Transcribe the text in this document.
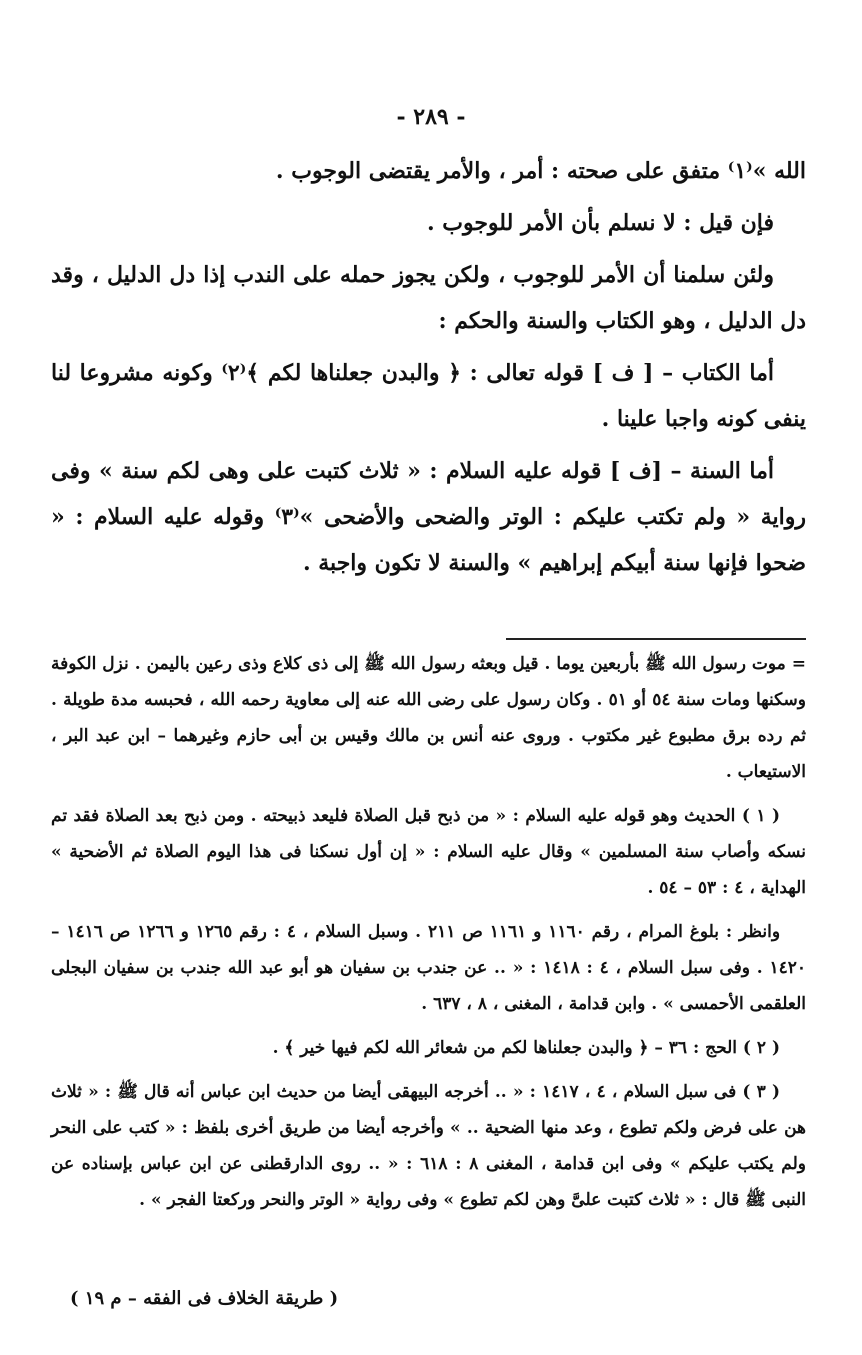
- ٢٨٩ -

الله »⁽١⁾ متفق على صحته : أمر ، والأمر يقتضى الوجوب .

فإن قيل : لا نسلم بأن الأمر للوجوب .

ولئن سلمنا أن الأمر للوجوب ، ولكن يجوز حمله على الندب إذا دل الدليل ، وقد دل الدليل ، وهو الكتاب والسنة والحكم :

أما الكتاب – [ ف ] قوله تعالى : ﴿ والبدن جعلناها لكم ﴾⁽٢⁾ وكونه مشروعا لنا ينفى كونه واجبا علينا .

أما السنة – [ف ] قوله عليه السلام : « ثلاث كتبت على وهى لكم سنة » وفى رواية « ولم تكتب عليكم : الوتر والضحى والأضحى »⁽٣⁾ وقوله عليه السلام : « ضحوا فإنها سنة أبيكم إبراهيم » والسنة لا تكون واجبة .

= موت رسول الله ﷺ بأربعين يوما . قيل وبعثه رسول الله ﷺ إلى ذى كلاع وذى رعين باليمن . نزل الكوفة وسكنها ومات سنة ٥٤ أو ٥١ . وكان رسول على رضى الله عنه إلى معاوية رحمه الله ، فحبسه مدة طويلة . ثم رده برق مطبوع غير مكتوب . وروى عنه أنس بن مالك وقيس بن أبى حازم وغيرهما – ابن عبد البر ، الاستيعاب .

( ١ ) الحديث وهو قوله عليه السلام : « من ذبح قبل الصلاة فليعد ذبيحته . ومن ذبح بعد الصلاة فقد تم نسكه وأصاب سنة المسلمين » وقال عليه السلام : « إن أول نسكنا فى هذا اليوم الصلاة ثم الأضحية » الهداية ، ٤ : ٥٣ – ٥٤ .

وانظر : بلوغ المرام ، رقم ١١٦٠ و ١١٦١ ص ٢١١ . وسبل السلام ، ٤ : رقم ١٢٦٥ و ١٢٦٦ ص ١٤١٦ – ١٤٢٠ . وفى سبل السلام ، ٤ : ١٤١٨ : « .. عن جندب بن سفيان هو أبو عبد الله جندب بن سفيان البجلى العلقمى الأحمسى » . وابن قدامة ، المغنى ، ٨ ، ٦٣٧ .

( ٢ ) الحج : ٣٦ – ﴿ والبدن جعلناها لكم من شعائر الله لكم فيها خير ﴾ .

( ٣ ) فى سبل السلام ، ٤ ، ١٤١٧ : « .. أخرجه البيهقى أيضا من حديث ابن عباس أنه قال ﷺ : « ثلاث هن على فرض ولكم تطوع ، وعد منها الضحية .. » وأخرجه أيضا من طريق أخرى بلفظ : « كتب على النحر ولم يكتب عليكم » وفى ابن قدامة ، المغنى ٨ : ٦١٨ : « .. روى الدارقطنى عن ابن عباس بإسناده عن النبى ﷺ قال : « ثلاث كتبت علىَّ وهن لكم تطوع » وفى رواية « الوتر والنحر وركعتا الفجر » .

( طريقة الخلاف فى الفقه – م ١٩ )
